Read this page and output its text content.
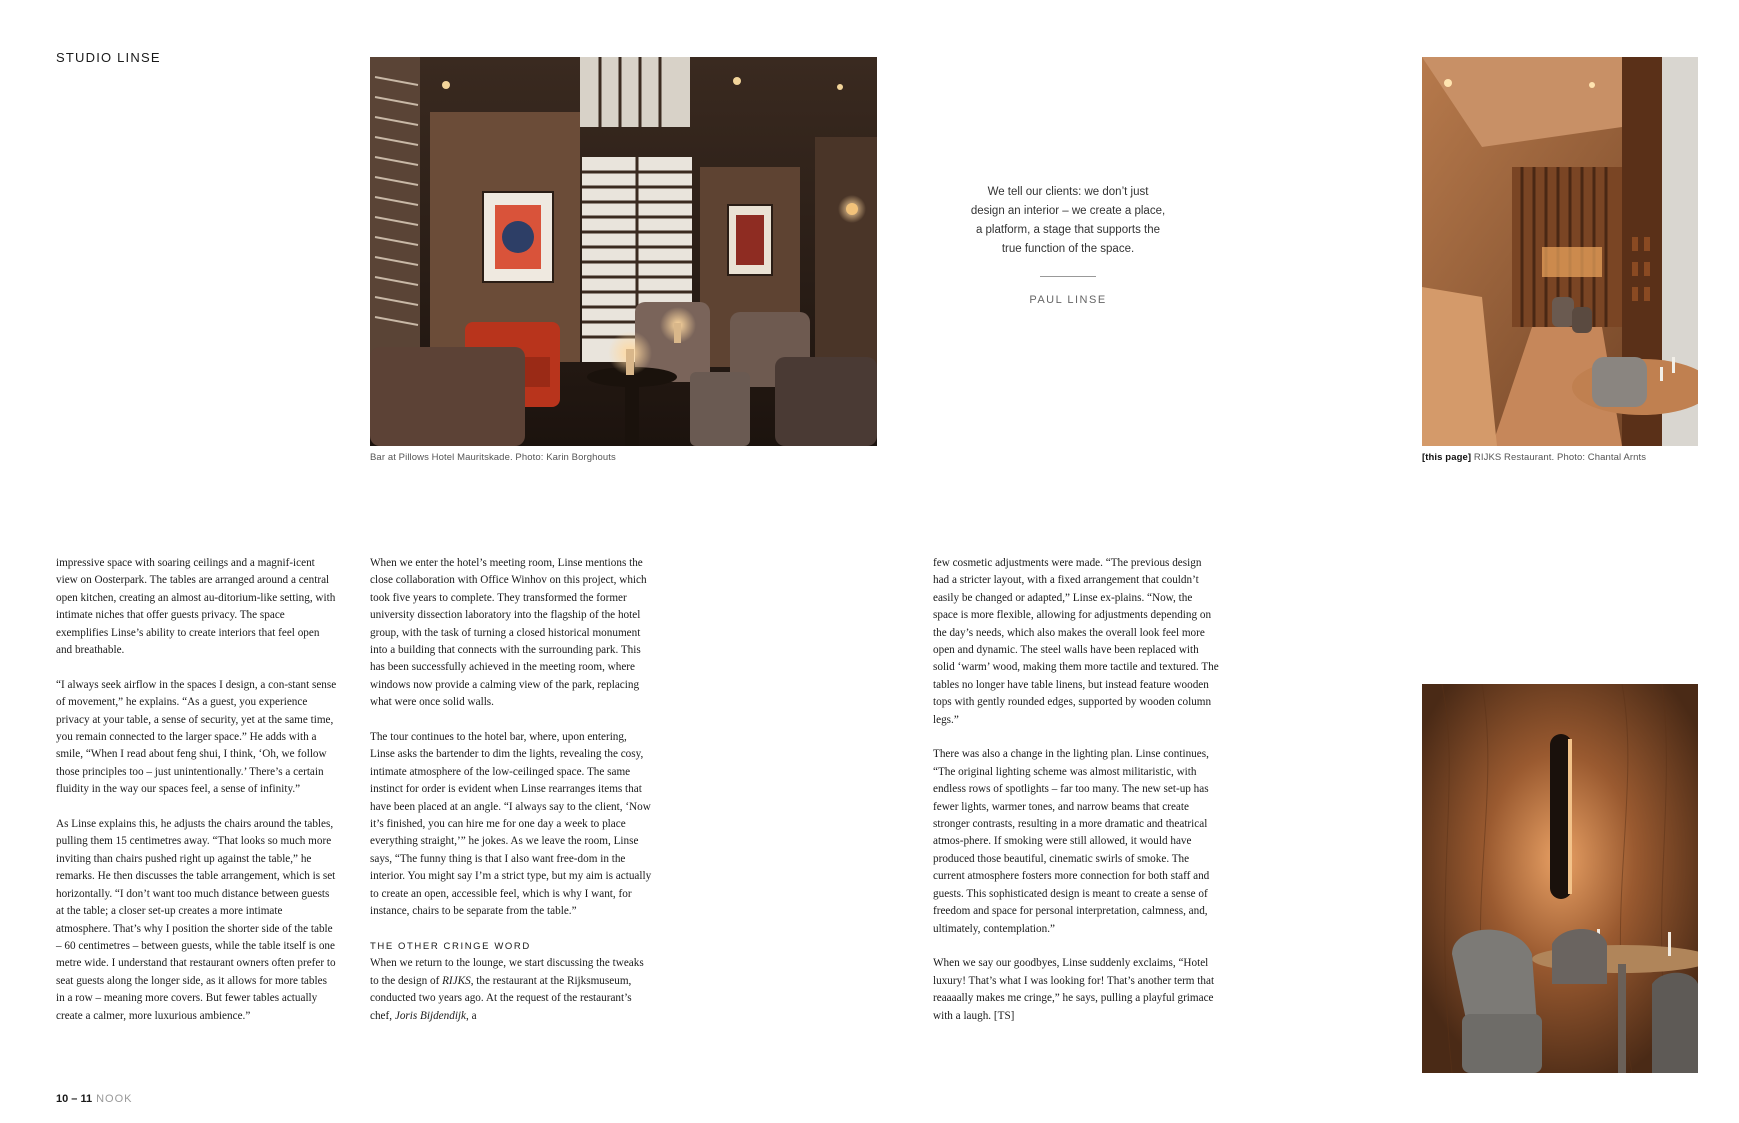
STUDIO LINSE
Bar at Pillows Hotel Mauritskade. Photo: Karin Borghouts	[this page] RIJKS Restaurant. Photo: Chantal Arnts
We tell our clients: we don’t just
design an interior – we create a place,
a platform, a stage that supports the
true function of the space.
PAUL LINSE

impressive space with soaring ceilings and a magnif-icent view on Oosterpark. The tables are arranged around a central open kitchen, creating an almost au-ditorium-like setting, with intimate niches that offer guests privacy. The space exemplifies Linse’s ability to create interiors that feel open and breathable.

“I always seek airflow in the spaces I design, a con-stant sense of movement,” he explains. “As a guest, you experience privacy at your table, a sense of security, yet at the same time, you remain connected to the larger space.” He adds with a smile, “When I read about feng shui, I think, ‘Oh, we follow those principles too – just unintentionally.’ There’s a certain fluidity in the way our spaces feel, a sense of infinity.”

As Linse explains this, he adjusts the chairs around the tables, pulling them 15 centimetres away. “That looks so much more inviting than chairs pushed right up against the table,” he remarks. He then discusses the table arrangement, which is set horizontally. “I don’t want too much distance between guests at the table; a closer set-up creates a more intimate atmosphere. That’s why I position the shorter side of the table – 60 centimetres – between guests, while the table itself is one metre wide. I understand that restaurant owners often prefer to seat guests along the longer side, as it allows for more tables in a row – meaning more covers. But fewer tables actually create a calmer, more luxurious ambience.”

When we enter the hotel’s meeting room, Linse mentions the close collaboration with Office Winhov on this project, which took five years to complete. They transformed the former university dissection laboratory into the flagship of the hotel group, with the task of turning a closed historical monument into a building that connects with the surrounding park. This has been successfully achieved in the meeting room, where windows now provide a calming view of the park, replacing what were once solid walls.

The tour continues to the hotel bar, where, upon entering, Linse asks the bartender to dim the lights, revealing the cosy, intimate atmosphere of the low-ceilinged space. The same instinct for order is evident when Linse rearranges items that have been placed at an angle. “I always say to the client, ‘Now it’s finished, you can hire me for one day a week to place everything straight,’” he jokes. As we leave the room, Linse says, “The funny thing is that I also want free-dom in the interior. You might say I’m a strict type, but my aim is actually to create an open, accessible feel, which is why I want, for instance, chairs to be separate from the table.”

THE OTHER CRINGE WORD

When we return to the lounge, we start discussing the tweaks to the design of RIJKS, the restaurant at the Rijksmuseum, conducted two years ago. At the request of the restaurant’s chef, Joris Bijdendijk, a

few cosmetic adjustments were made. “The previous design had a stricter layout, with a fixed arrangement that couldn’t easily be changed or adapted,” Linse ex-plains. “Now, the space is more flexible, allowing for adjustments depending on the day’s needs, which also makes the overall look feel more open and dynamic. The steel walls have been replaced with solid ‘warm’ wood, making them more tactile and textured. The tables no longer have table linens, but instead feature wooden tops with gently rounded edges, supported by wooden column legs.”

There was also a change in the lighting plan. Linse continues, “The original lighting scheme was almost militaristic, with endless rows of spotlights – far too many. The new set-up has fewer lights, warmer tones, and narrow beams that create stronger contrasts, resulting in a more dramatic and theatrical atmos-phere. If smoking were still allowed, it would have produced those beautiful, cinematic swirls of smoke. The current atmosphere fosters more connection for both staff and guests. This sophisticated design is meant to create a sense of freedom and space for personal interpretation, calmness, and, ultimately, contemplation.”

When we say our goodbyes, Linse suddenly exclaims, “Hotel luxury! That’s what I was looking for! That’s another term that reaaaally makes me cringe,” he says, pulling a playful grimace with a laugh. [TS]

10 – 11 NOOK
